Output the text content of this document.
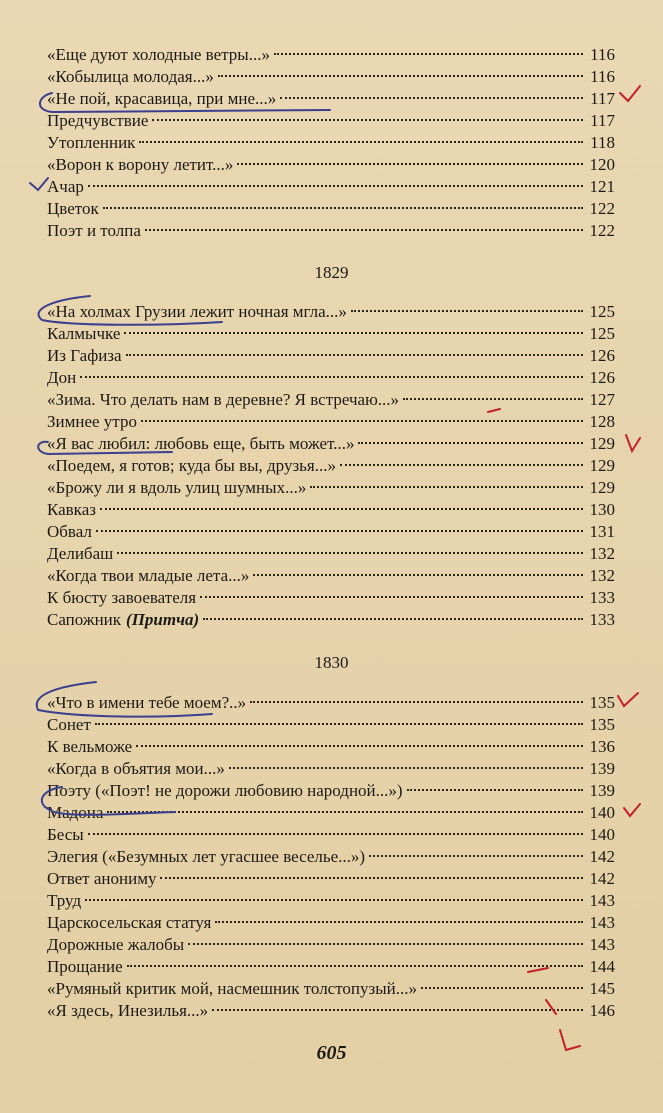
«Еще дуют холодные ветры...»	116
«Кобылица молодая...»	116
«Не пой, красавица, при мне...»	117
Предчувствие	117
Утопленник	118
«Ворон к ворону летит...»	120
Ачар	121
Цветок	122
Поэт и толпа	122
1829
«На холмах Грузии лежит ночная мгла...»	125
Калмычке	125
Из Гафиза	126
Дон	126
«Зима. Что делать нам в деревне? Я встречаю...»	127
Зимнее утро	128
«Я вас любил: любовь еще, быть может...»	129
«Поедем, я готов; куда бы вы, друзья...»	129
«Брожу ли я вдоль улиц шумных...»	129
Кавказ	130
Обвал	131
Делибаш	132
«Когда твои младые лета...»	132
К бюсту завоевателя	133
Сапожник (Притча)	133
1830
«Что в имени тебе моем?..»	135
Сонет	135
К вельможе	136
«Когда в объятия мои...»	139
Поэту («Поэт! не дорожи любовию народной...»)	139
Мадона	140
Бесы	140
Элегия («Безумных лет угасшее веселье...»)	142
Ответ анониму	142
Труд	143
Царскосельская статуя	143
Дорожные жалобы	143
Прощание	144
«Румяный критик мой, насмешник толстопузый...»	145
«Я здесь, Инезилья...»	146
605
